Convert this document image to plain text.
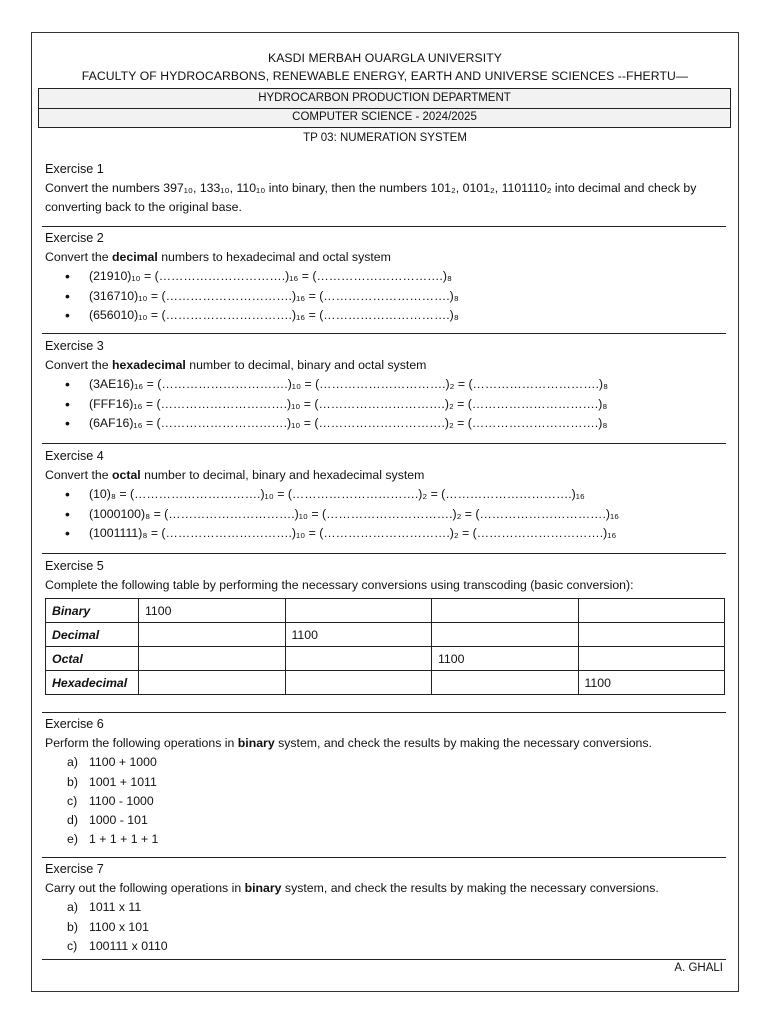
KASDI MERBAH OUARGLA UNIVERSITY
FACULTY OF HYDROCARBONS, RENEWABLE ENERGY, EARTH AND UNIVERSE SCIENCES --FHERTU—
HYDROCARBON PRODUCTION DEPARTMENT
COMPUTER SCIENCE - 2024/2025
TP 03: NUMERATION SYSTEM
Exercise 1
Convert the numbers 397₁₀, 133₁₀, 110₁₀ into binary, then the numbers 101₂, 0101₂, 1101110₂ into decimal and check by converting back to the original base.
Exercise 2
Convert the decimal numbers to hexadecimal and octal system
• (21910)₁₀ = (………………………….)₁₆ = (………………………….)₈
• (316710)₁₀ = (………………………….)₁₆ = (………………………….)₈
• (656010)₁₀ = (………………………….)₁₆ = (………………………….)₈
Exercise 3
Convert the hexadecimal number to decimal, binary and octal system
• (3AE16)₁₆ = (………………………….)₁₀ = (………………………….)₂ = (………………………….)₈
• (FFF16)₁₆ = (………………………….)₁₀ = (………………………….)₂ = (………………………….)₈
• (6AF16)₁₆ = (………………………….)₁₀ = (………………………….)₂ = (………………………….)₈
Exercise 4
Convert the octal number to decimal, binary and hexadecimal system
• (10)₈ = (………………………….)₁₀ = (………………………….)₂ = (………………………….)₁₆
• (1000100)₈ = (………………………….)₁₀ = (………………………….)₂ = (………………………….)₁₆
• (1001111)₈ = (………………………….)₁₀ = (………………………….)₂ = (………………………….)₁₆
Exercise 5
Complete the following table by performing the necessary conversions using transcoding (basic conversion):
Binary	1100			
Decimal		1100		
Octal			1100	
Hexadecimal				1100
Exercise 6
Perform the following operations in binary system, and check the results by making the necessary conversions.
a) 1100 + 1000
b) 1001 + 1011
c) 1100 - 1000
d) 1000 - 101
e) 1 + 1 + 1 + 1
Exercise 7
Carry out the following operations in binary system, and check the results by making the necessary conversions.
a) 1011 x 11
b) 1100 x 101
c) 100111 x 0110
A. GHALI
